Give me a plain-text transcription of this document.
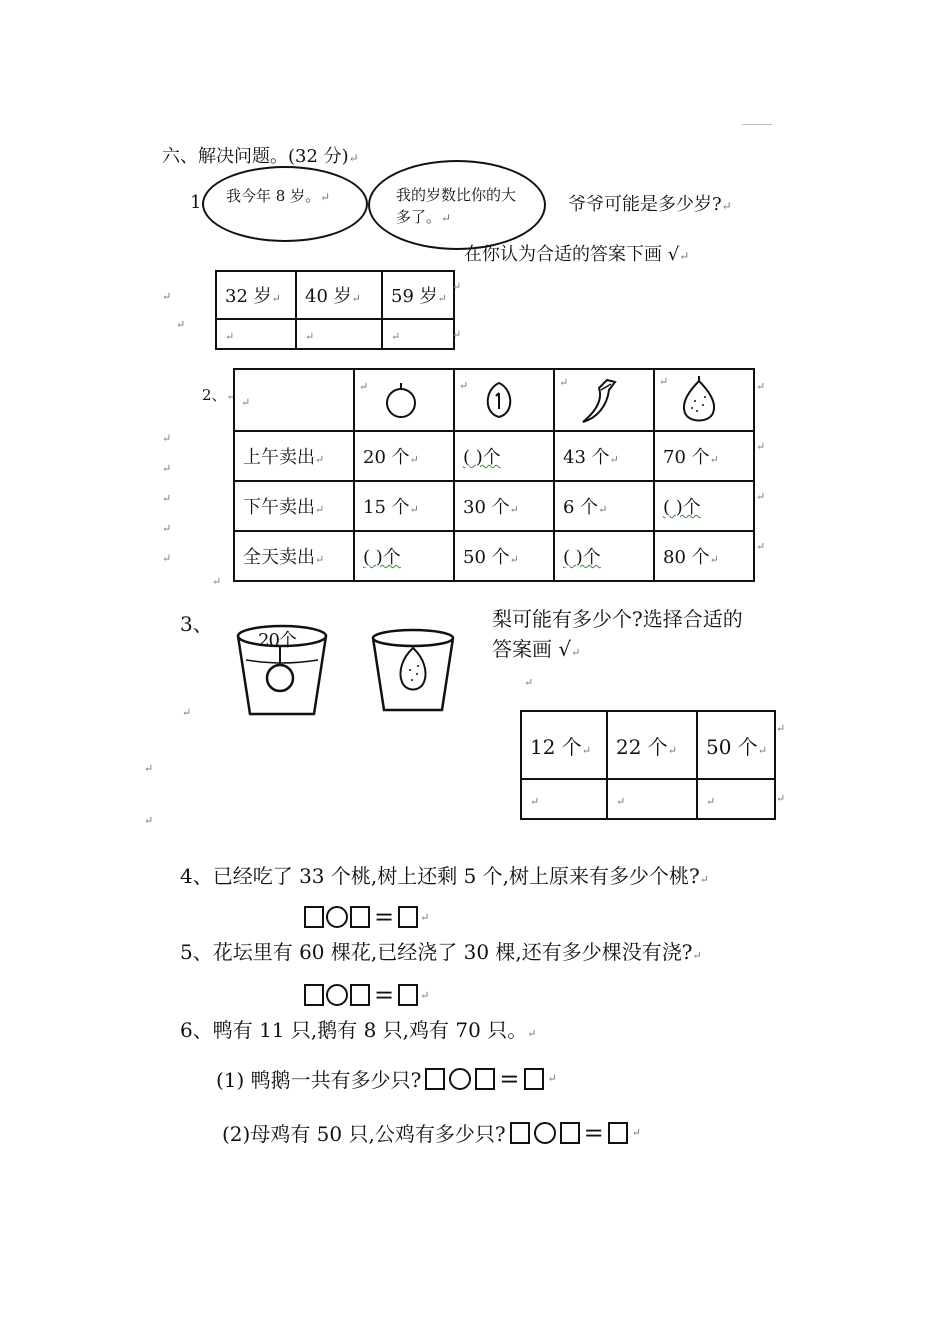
六、解决问题。(32 分)↵
1 我今年 8 岁。↵	我的岁数比你的大
多了。↵
爷爷可能是多少岁?↵
在你认为合适的答案下画 √↵
↵
↵
32 岁↵	40 岁↵	59 岁↵
↵	↵	↵
↵
↵
2、↵
↵
↵
↵
↵
↵
↵
↵	↵	↵	↵	↵
上午卖出↵	20 个↵	( )个	43 个↵	70 个↵
下午卖出↵	15 个↵	30 个↵	6 个↵	( )个
全天卖出↵	( )个	50 个↵	( )个	80 个↵
↵
↵
↵
↵
3、
20个
梨可能有多少个?选择合适的
答案画 √↵
↵
↵
↵
↵
12 个↵	22 个↵	50 个↵
↵	↵	↵
↵
↵
4、已经吃了 33 个桃,树上还剩 5 个,树上原来有多少个桃?↵
= ↵
5、花坛里有 60 棵花,已经浇了 30 棵,还有多少棵没有浇?↵
= ↵
6、鸭有 11 只,鹅有 8 只,鸡有 70 只。↵
(1) 鸭鹅一共有多少只?	=	↵
(2)母鸡有 50 只,公鸡有多少只?	=	↵
